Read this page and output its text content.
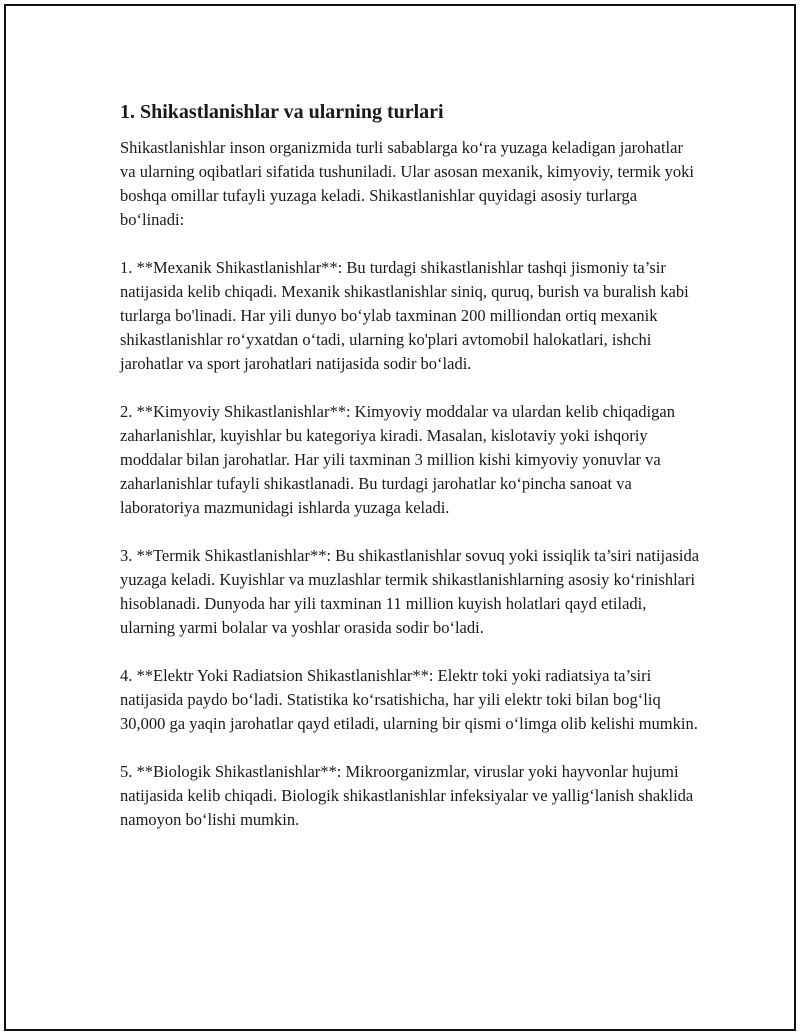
1. Shikastlanishlar va ularning turlari

Shikastlanishlar inson organizmida turli sabablarga ko‘ra yuzaga keladigan jarohatlar va ularning oqibatlari sifatida tushuniladi. Ular asosan mexanik, kimyoviy, termik yoki boshqa omillar tufayli yuzaga keladi. Shikastlanishlar quyidagi asosiy turlarga bo‘linadi:

1. **Mexanik Shikastlanishlar**: Bu turdagi shikastlanishlar tashqi jismoniy ta’sir natijasida kelib chiqadi. Mexanik shikastlanishlar siniq, quruq, burish va buralish kabi turlarga bo'linadi. Har yili dunyo bo‘ylab taxminan 200 milliondan ortiq mexanik shikastlanishlar ro‘yxatdan o‘tadi, ularning ko'plari avtomobil halokatlari, ishchi jarohatlar va sport jarohatlari natijasida sodir bo‘ladi.

2. **Kimyoviy Shikastlanishlar**: Kimyoviy moddalar va ulardan kelib chiqadigan zaharlanishlar, kuyishlar bu kategoriya kiradi. Masalan, kislotaviy yoki ishqoriy moddalar bilan jarohatlar. Har yili taxminan 3 million kishi kimyoviy yonuvlar va zaharlanishlar tufayli shikastlanadi. Bu turdagi jarohatlar ko‘pincha sanoat va laboratoriya mazmunidagi ishlarda yuzaga keladi.

3. **Termik Shikastlanishlar**: Bu shikastlanishlar sovuq yoki issiqlik ta’siri natijasida yuzaga keladi. Kuyishlar va muzlashlar termik shikastlanishlarning asosiy ko‘rinishlari hisoblanadi. Dunyoda har yili taxminan 11 million kuyish holatlari qayd etiladi, ularning yarmi bolalar va yoshlar orasida sodir bo‘ladi.

4. **Elektr Yoki Radiatsion Shikastlanishlar**: Elektr toki yoki radiatsiya ta’siri natijasida paydo bo‘ladi. Statistika ko‘rsatishicha, har yili elektr toki bilan bog‘liq 30,000 ga yaqin jarohatlar qayd etiladi, ularning bir qismi o‘limga olib kelishi mumkin.

5. **Biologik Shikastlanishlar**: Mikroorganizmlar, viruslar yoki hayvonlar hujumi natijasida kelib chiqadi. Biologik shikastlanishlar infeksiyalar ve yallig‘lanish shaklida namoyon bo‘lishi mumkin.
